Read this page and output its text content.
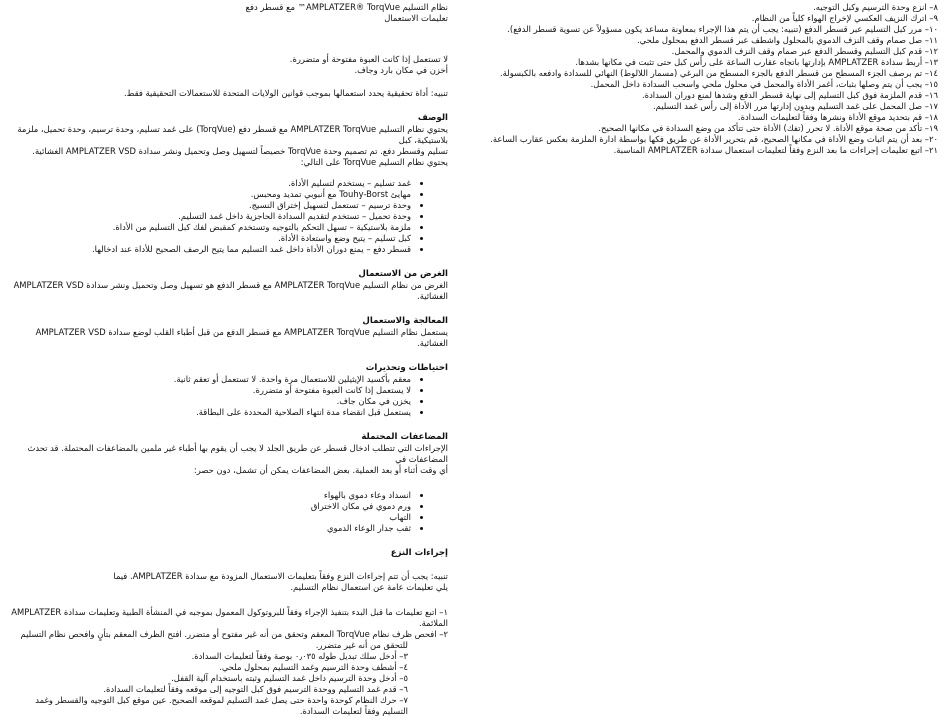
نظام التسليم AMPLATZER® TorqVue™ مع قسطر دفع

تعليمات الاستعمال

لا تستعمل إذا كانت العبوة مفتوحة أو متضررة.

أخزن في مكان بارد وجاف.

تنبيه: أداة تحقيقية يحدد استعمالها بموجب قوانين الولايات المتحدة للاستعمالات التحقيقية فقط.

الوصف

يحتوي نظام التسليم AMPLATZER TorqVue مع قسطر دفع (TorqVue) على غمد تسليم، وحدة ترسيم، وحدة تحميل، ملزمة بلاستيكية، كبل

تسليم وقسطر دفع. تم تصميم وحدة TorqVue خصيصاً لتسهيل وصل وتحميل ونشر سدادة AMPLATZER VSD الغشائية.

يحتوي نظام التسليم TorqVue على التالي:

• غمد تسليم – يستخدم لتسليم الأداة.
• مهايئ Touhy-Borst مع أنبوبي تمديد ومحبس.
• وحدة ترسيم – تستعمل لتسهيل إختراق النسيج.
• وحدة تحميل – تستخدم لتقديم السدادة الحاجزية داخل غمد التسليم.
• ملزمة بلاستيكية – تسهل التحكم بالتوجيه وتستخدم كمقبض لفك كبل التسليم من الأداة.
• كبل تسليم – يتيح وضع واستعادة الأداة.
• قسطر دفع – يمنع دوران الأداة داخل غمد التسليم مما يتيح الرصف الصحيح للأداة عند ادخالها.

الغرض من الاستعمال

الغرض من نظام التسليم AMPLATZER TorqVue مع قسطر الدفع هو تسهيل وصل وتحميل ونشر سدادة AMPLATZER VSD الغشائية.

المعالجة والاستعمال

يستعمل نظام التسليم AMPLATZER TorqVue مع قسطر الدفع من قبل أطباء القلب لوضع سدادة AMPLATZER VSD الغشائية.

احتياطات وتحذيرات

• معقم بأكسيد الإيثيلين للاستعمال مرة واحدة. لا تستعمل أو تعقم ثانية.
• لا يستعمل إذا كانت العبوة مفتوحة أو متضررة.
• يخزن في مكان جاف.
• يستعمل قبل انقضاء مدة انتهاء الصلاحية المحددة على البطاقة.

المضاعفات المحتملة

الإجراءات التي تتطلب ادخال قسطر عن طريق الجلد لا يجب أن يقوم بها أطباء غير ملمين بالمضاعفات المحتملة. قد تحدث المضاعفات في

أي وقت أثناء أو بعد العملية. بعض المضاعفات يمكن أن تشمل، دون حصر:

• انسداد وعاء دموي بالهواء
• ورم دموي في مكان الاختراق
• التهاب
• ثقب جدار الوعاء الدموي

إجراءات النزع

تنبيه: يجب أن تتم إجراءات النزع وفقاً بتعليمات الاستعمال المزودة مع سدادة AMPLATZER. فيما

يلي تعليمات عامة عن استعمال نظام التسليم.

١– اتبع تعليمات ما قبل البدء بتنفيذ الإجراء وفقاً للبروتوكول المعمول بموجبه في المنشأة الطبية وتعليمات سدادة AMPLATZER الملائمة.
٢– افحص ظرف نظام TorqVue المعقم وتحقق من أنه غير مفتوح أو متضرر. افتح الظرف المعقم بتأنٍ وافحص نظام التسليم
للتحقق من أنه غير متضرر.
٣– أدخل سلك تبديل طوله ٠٫٠٣٥ بوصة وفقاً لتعليمات السدادة.
٤– أشطف وحدة الترسيم وغمد التسليم بمحلول ملحي.
٥– أدخل وحدة الترسيم داخل غمد التسليم وثبته باستخدام آلية القفل.
٦– قدم غمد التسليم ووحدة الترسيم فوق كبل التوجيه إلى موقعه وفقاً لتعليمات السدادة.
٧– حرك النظام كوحدة واحدة حتى يصل غمد التسليم لموقعه الصحيح. عين موقع كبل التوجيه والقسطر وغمد
التسليم وفقاً لتعليمات السدادة.
٨– انزع وحدة الترسيم وكبل التوجيه.
٩– اترك النزيف العكسي لإخراج الهواء كلياً من النظام.
١٠– مرر كبل التسليم عبر قسطر الدفع (تنبيه: يجب أن يتم هذا الإجراء بمعاونة مساعد يكون مسؤولاً عن تسوية قسطر الدفع).
١١– صل صمام وقف النزف الدموي بالمحلول واشطف عبر قسطر الدفع بمحلول ملحي.
١٢– قدم كبل التسليم وقسطر الدفع عبر صمام وقف النزف الدموي والمحمل.
١٣– أربط سدادة AMPLATZER بإدارتها باتجاه عقارب الساعة على رأس كبل حتى تثبت في مكانها بشدها.
١٤– تم برصف الجزء المسطح من قسطر الدفع بالجزء المسطح من البرغي (مسمار اللالوط) النهائي للسدادة وادفعه بالكبسولة.
١٥– يجب أن يتم وصلها بثبات، أغمر الأداة والمحمل في محلول ملحي واسحب السدادة داخل المحمل.
١٦– قدم الملزمة فوق كبل التسليم إلى نهاية قسطر الدفع وشدها لمنع دوران السدادة.
١٧– صل المحمل على غمد التسليم وبدون إدارتها مرر الأداة إلى رأس غمد التسليم.
١٨– قم بتحديد موقع الأداة ونشرها وفقاً لتعليمات السدادة.
١٩– تأكد من صحة موقع الأداة. لا تحرر (تفك) الأداة حتى تتأكد من وضع السدادة في مكانها الصحيح.
٢٠– بعد أن يتم اثبات وضع الأداة في مكانها الصحيح، قم بتحرير الأداة عن طريق فكها بواسطة ادارة الملزمة بعكس عقارب الساعة.
٢١– اتبع تعليمات إجراءات ما بعد النزع وفقاً لتعليمات استعمال سدادة AMPLATZER المناسبة.
